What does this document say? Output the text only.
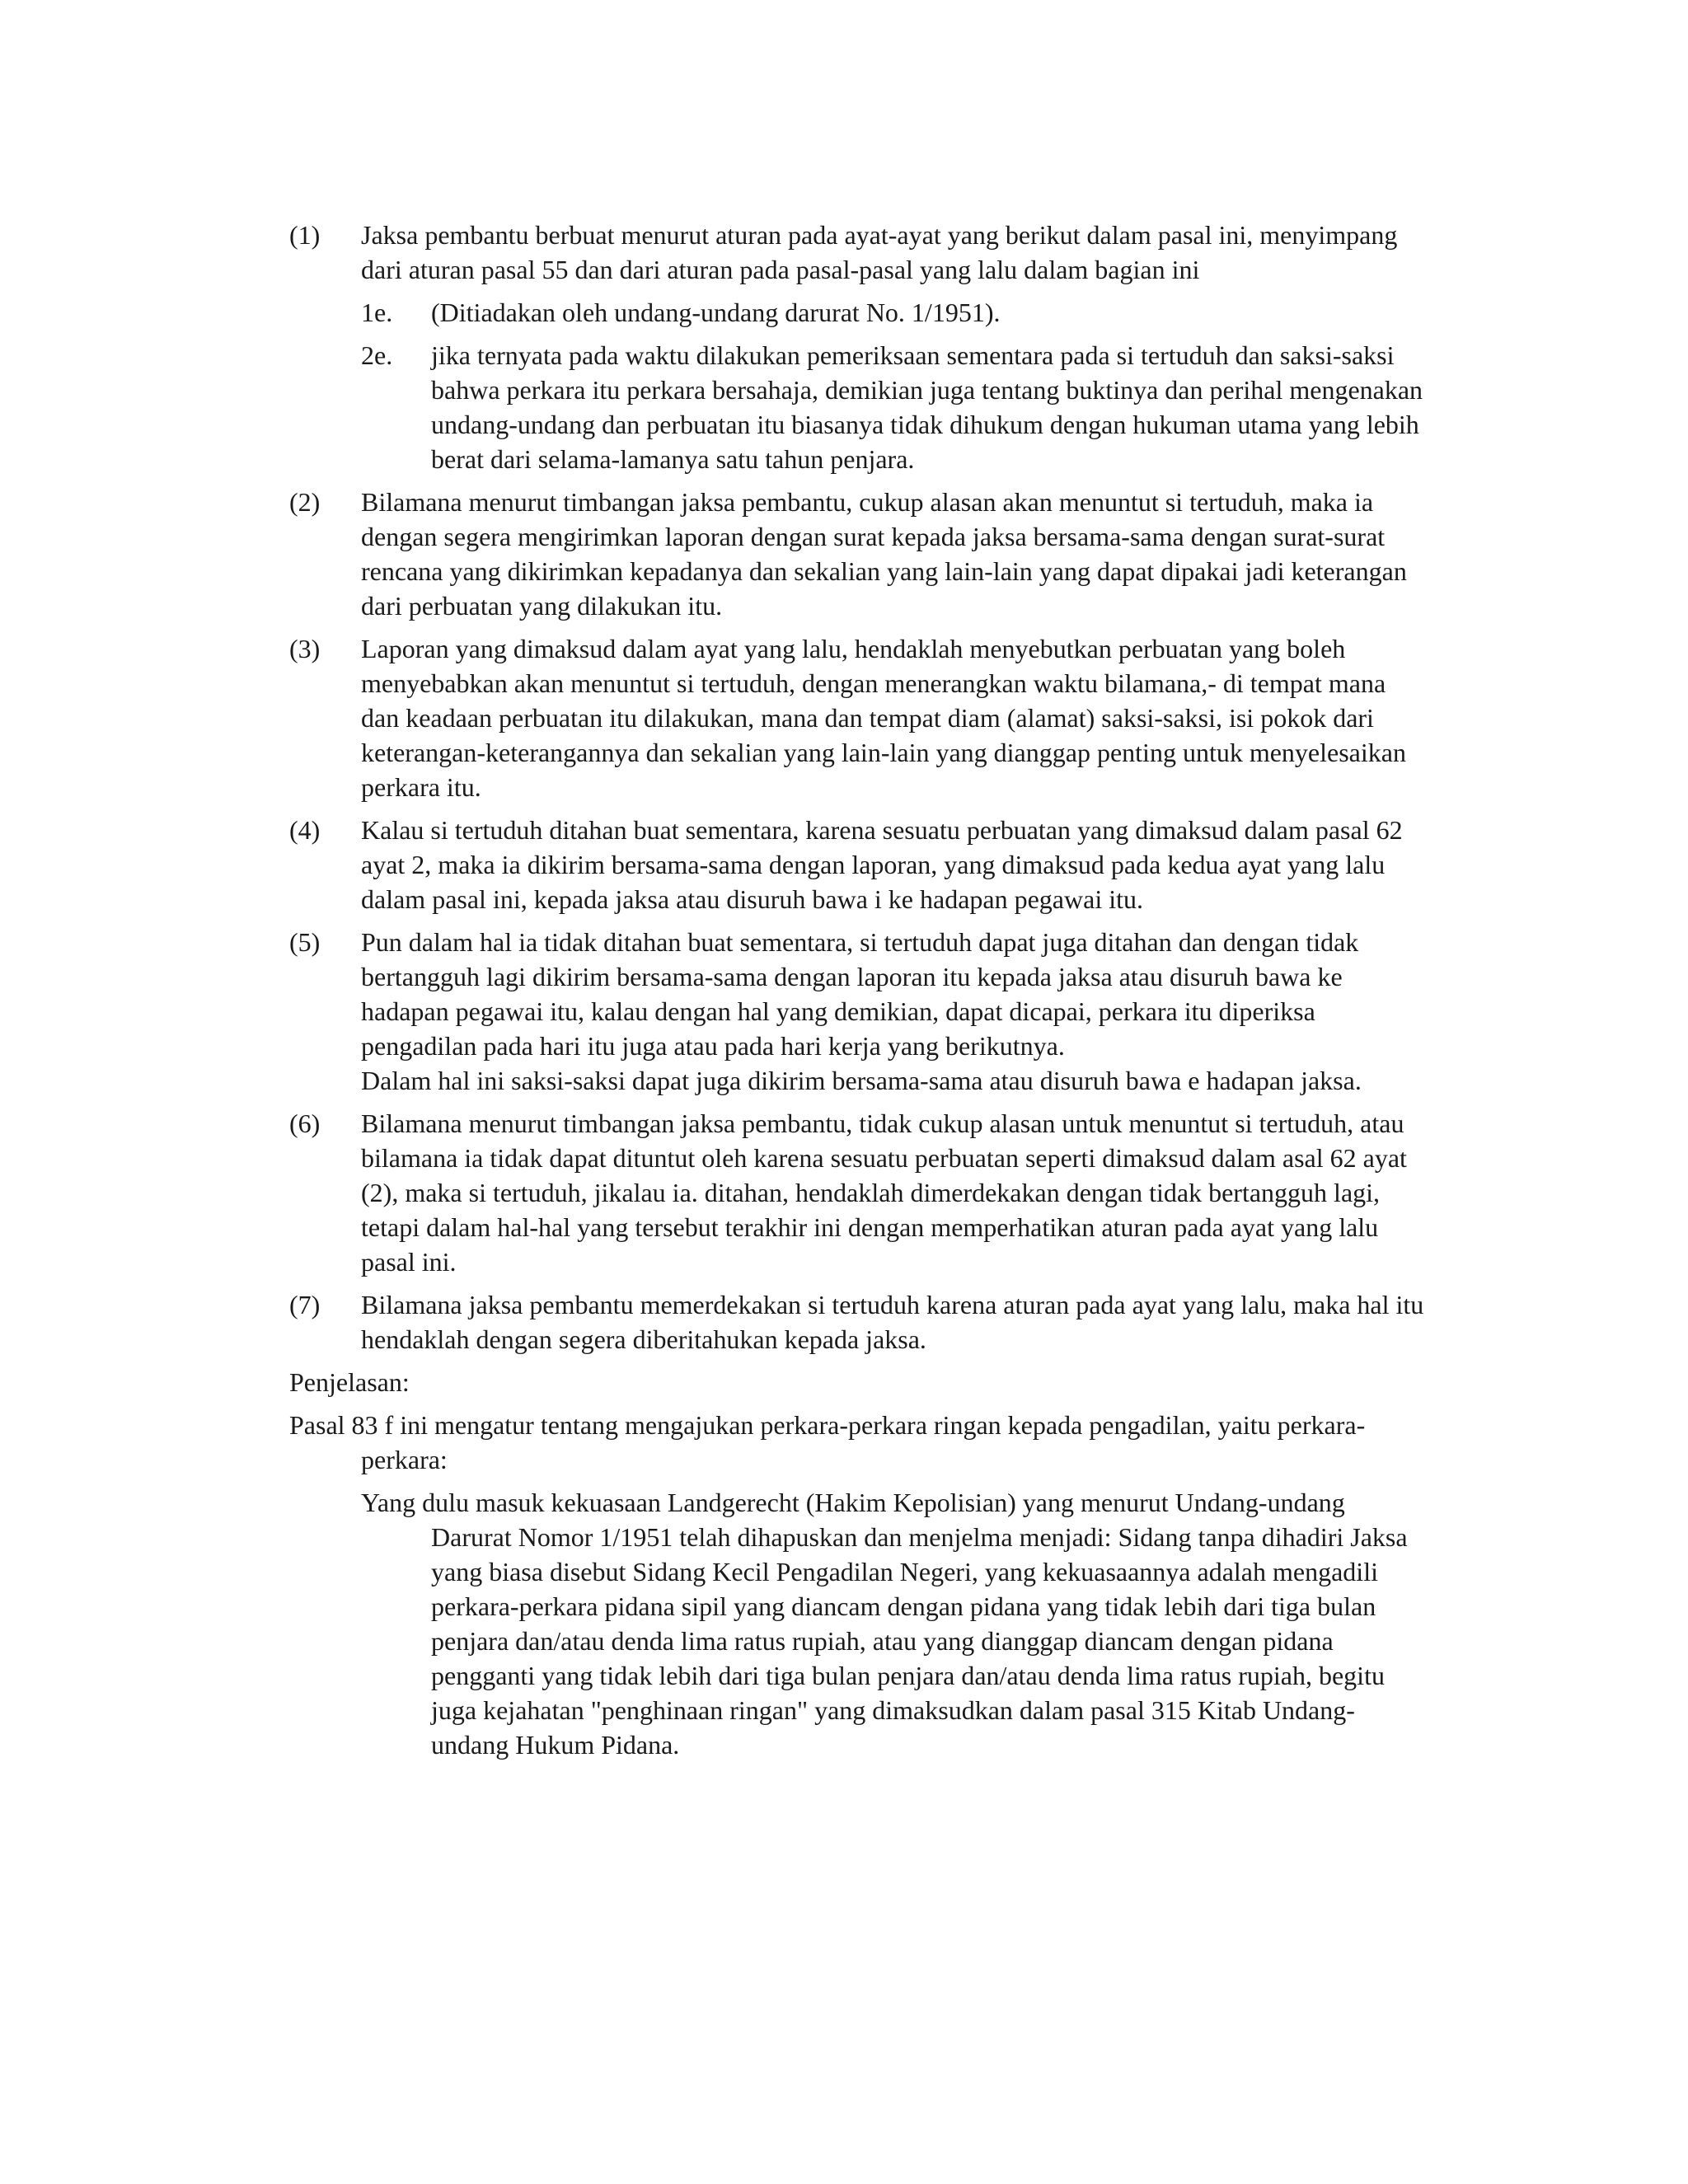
(1) Jaksa pembantu berbuat menurut aturan pada ayat-ayat yang berikut dalam pasal ini, menyimpang dari aturan pasal 55 dan dari aturan pada pasal-pasal yang lalu dalam bagian ini

1e. (Ditiadakan oleh undang-undang darurat No. 1/1951).
2e. jika ternyata pada waktu dilakukan pemeriksaan sementara pada si tertuduh dan saksi-saksi bahwa perkara itu perkara bersahaja, demikian juga tentang buktinya dan perihal mengenakan undang-undang dan perbuatan itu biasanya tidak dihukum dengan hukuman utama yang lebih berat dari selama-lamanya satu tahun penjara.
(2) Bilamana menurut timbangan jaksa pembantu, cukup alasan akan menuntut si tertuduh, maka ia dengan segera mengirimkan laporan dengan surat kepada jaksa bersama-sama dengan surat-surat rencana yang dikirimkan kepadanya dan sekalian yang lain-lain yang dapat dipakai jadi keterangan dari perbuatan yang dilakukan itu.

(3) Laporan yang dimaksud dalam ayat yang lalu, hendaklah menyebutkan perbuatan yang boleh menyebabkan akan menuntut si tertuduh, dengan menerangkan waktu bilamana,- di tempat mana dan keadaan perbuatan itu dilakukan, mana dan tempat diam (alamat) saksi-saksi, isi pokok dari keterangan-keterangannya dan sekalian yang lain-lain yang dianggap penting untuk menyelesaikan perkara itu.

(4) Kalau si tertuduh ditahan buat sementara, karena sesuatu perbuatan yang dimaksud dalam pasal 62 ayat 2, maka ia dikirim bersama-sama dengan laporan, yang dimaksud pada kedua ayat yang lalu dalam pasal ini, kepada jaksa atau disuruh bawa i ke hadapan pegawai itu.

(5) Pun dalam hal ia tidak ditahan buat sementara, si tertuduh dapat juga ditahan dan dengan tidak bertangguh lagi dikirim bersama-sama dengan laporan itu kepada jaksa atau disuruh bawa ke hadapan pegawai itu, kalau dengan hal yang demikian, dapat dicapai, perkara itu diperiksa pengadilan pada hari itu juga atau pada hari kerja yang berikutnya.

Dalam hal ini saksi-saksi dapat juga dikirim bersama-sama atau disuruh bawa e hadapan jaksa.

(6) Bilamana menurut timbangan jaksa pembantu, tidak cukup alasan untuk menuntut si tertuduh, atau bilamana ia tidak dapat dituntut oleh karena sesuatu perbuatan seperti dimaksud dalam asal 62 ayat (2), maka si tertuduh, jikalau ia. ditahan, hendaklah dimerdekakan dengan tidak bertangguh lagi, tetapi dalam hal-hal yang tersebut terakhir ini dengan memperhatikan aturan pada ayat yang lalu pasal ini.

(7) Bilamana jaksa pembantu memerdekakan si tertuduh karena aturan pada ayat yang lalu, maka hal itu hendaklah dengan segera diberitahukan kepada jaksa.

Penjelasan:

Pasal 83 f ini mengatur tentang mengajukan perkara-perkara ringan kepada pengadilan, yaitu perkara-perkara:

Yang dulu masuk kekuasaan Landgerecht (Hakim Kepolisian) yang menurut Undang-undang Darurat Nomor 1/1951 telah dihapuskan dan menjelma menjadi: Sidang tanpa dihadiri Jaksa yang biasa disebut Sidang Kecil Pengadilan Negeri, yang kekuasaannya adalah mengadili perkara-perkara pidana sipil yang diancam dengan pidana yang tidak lebih dari tiga bulan penjara dan/atau denda lima ratus rupiah, atau yang dianggap diancam dengan pidana pengganti yang tidak lebih dari tiga bulan penjara dan/atau denda lima ratus rupiah, begitu juga kejahatan "penghinaan ringan" yang dimaksudkan dalam pasal 315 Kitab Undang-undang Hukum Pidana.
